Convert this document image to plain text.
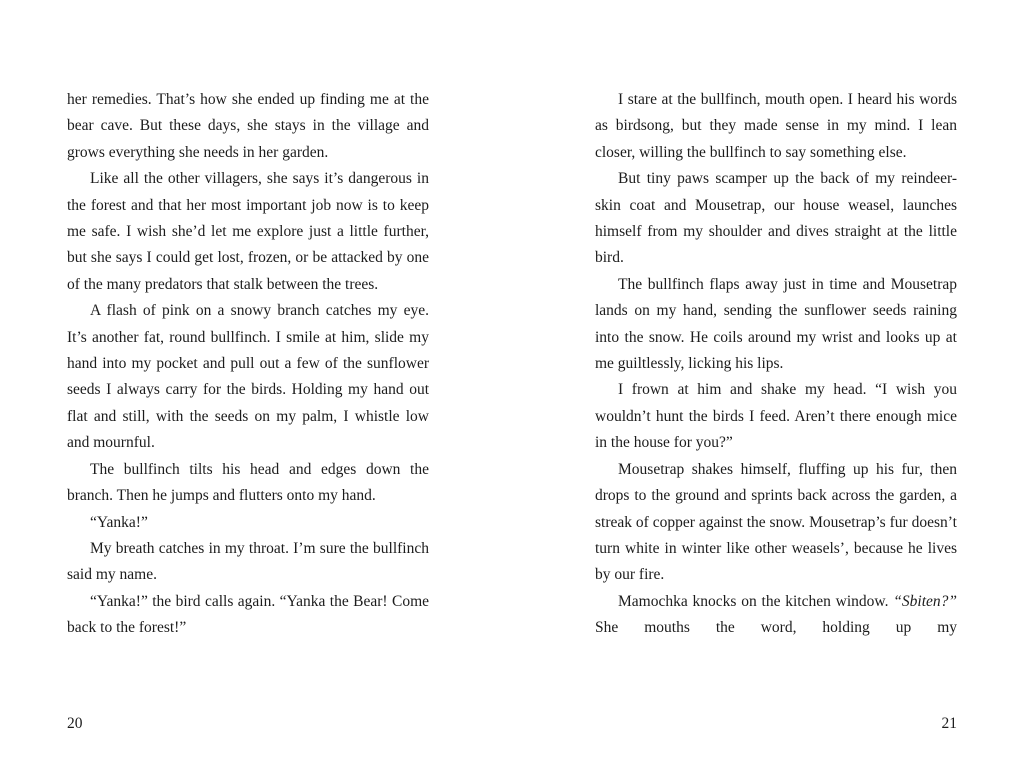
her remedies. That’s how she ended up finding me at the bear cave. But these days, she stays in the village and grows everything she needs in her garden.

Like all the other villagers, she says it’s dangerous in the forest and that her most important job now is to keep me safe. I wish she’d let me explore just a little further, but she says I could get lost, frozen, or be attacked by one of the many predators that stalk between the trees.

A flash of pink on a snowy branch catches my eye. It’s another fat, round bullfinch. I smile at him, slide my hand into my pocket and pull out a few of the sunflower seeds I always carry for the birds. Holding my hand out flat and still, with the seeds on my palm, I whistle low and mournful.

The bullfinch tilts his head and edges down the branch. Then he jumps and flutters onto my hand.

“Yanka!”

My breath catches in my throat. I’m sure the bullfinch said my name.

“Yanka!” the bird calls again. “Yanka the Bear! Come back to the forest!”

I stare at the bullfinch, mouth open. I heard his words as birdsong, but they made sense in my mind. I lean closer, willing the bullfinch to say something else.

But tiny paws scamper up the back of my reindeer-skin coat and Mousetrap, our house weasel, launches himself from my shoulder and dives straight at the little bird.

The bullfinch flaps away just in time and Mousetrap lands on my hand, sending the sunflower seeds raining into the snow. He coils around my wrist and looks up at me guiltlessly, licking his lips.

I frown at him and shake my head. “I wish you wouldn’t hunt the birds I feed. Aren’t there enough mice in the house for you?”

Mousetrap shakes himself, fluffing up his fur, then drops to the ground and sprints back across the garden, a streak of copper against the snow. Mousetrap’s fur doesn’t turn white in winter like other weasels’, because he lives by our fire.

Mamochka knocks on the kitchen window. “Sbiten?” She mouths the word, holding up my

20	21
